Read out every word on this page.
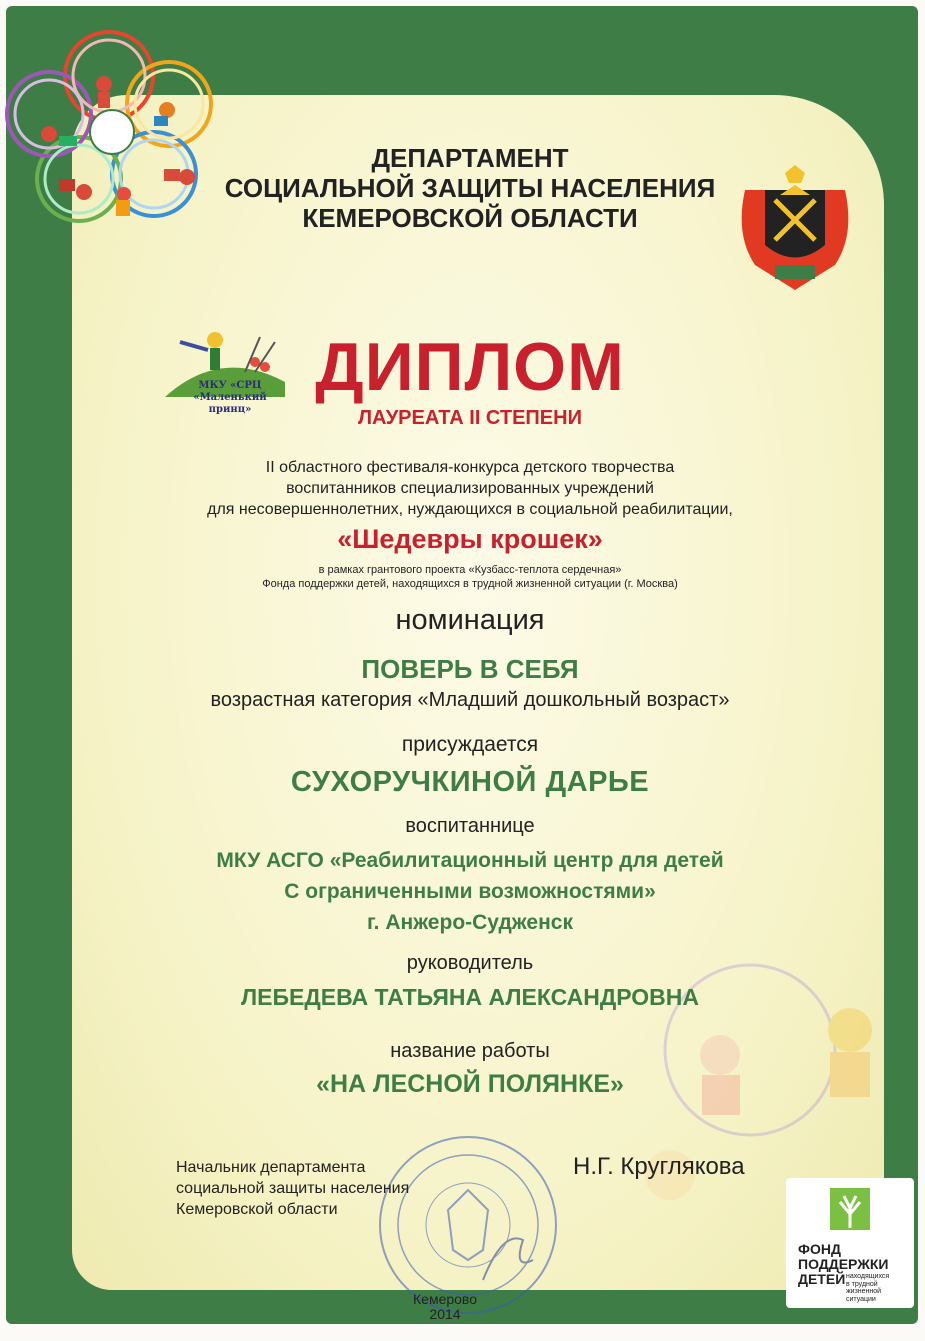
МКУ «СРЦ
«Маленький принц»
ДЕПАРТАМЕНТ
СОЦИАЛЬНОЙ ЗАЩИТЫ НАСЕЛЕНИЯ
КЕМЕРОВСКОЙ ОБЛАСТИ
ДИПЛОМ
ЛАУРЕАТА II СТЕПЕНИ
II областного фестиваля-конкурса детского творчества
воспитанников специализированных учреждений
для несовершеннолетних, нуждающихся в социальной реабилитации,
«Шедевры крошек»
в рамках грантового проекта «Кузбасс-теплота сердечная»
Фонда поддержки детей, находящихся в трудной жизненной ситуации (г. Москва)
номинация
ПОВЕРЬ В СЕБЯ
возрастная категория «Младший дошкольный возраст»
присуждается
СУХОРУЧКИНОЙ ДАРЬЕ
воспитаннице
МКУ АСГО «Реабилитационный центр для детей
С ограниченными возможностями»
г. Анжеро-Судженск
руководитель
ЛЕБЕДЕВА ТАТЬЯНА АЛЕКСАНДРОВНА
название работы
«НА ЛЕСНОЙ ПОЛЯНКЕ»
Начальник департамента
социальной защиты населения
Кемеровской области
Н.Г. Круглякова
ФОНД
ПОДДЕРЖКИ
ДЕТЕЙ находящихся
в трудной
жизненной
ситуации
Кемерово
2014
